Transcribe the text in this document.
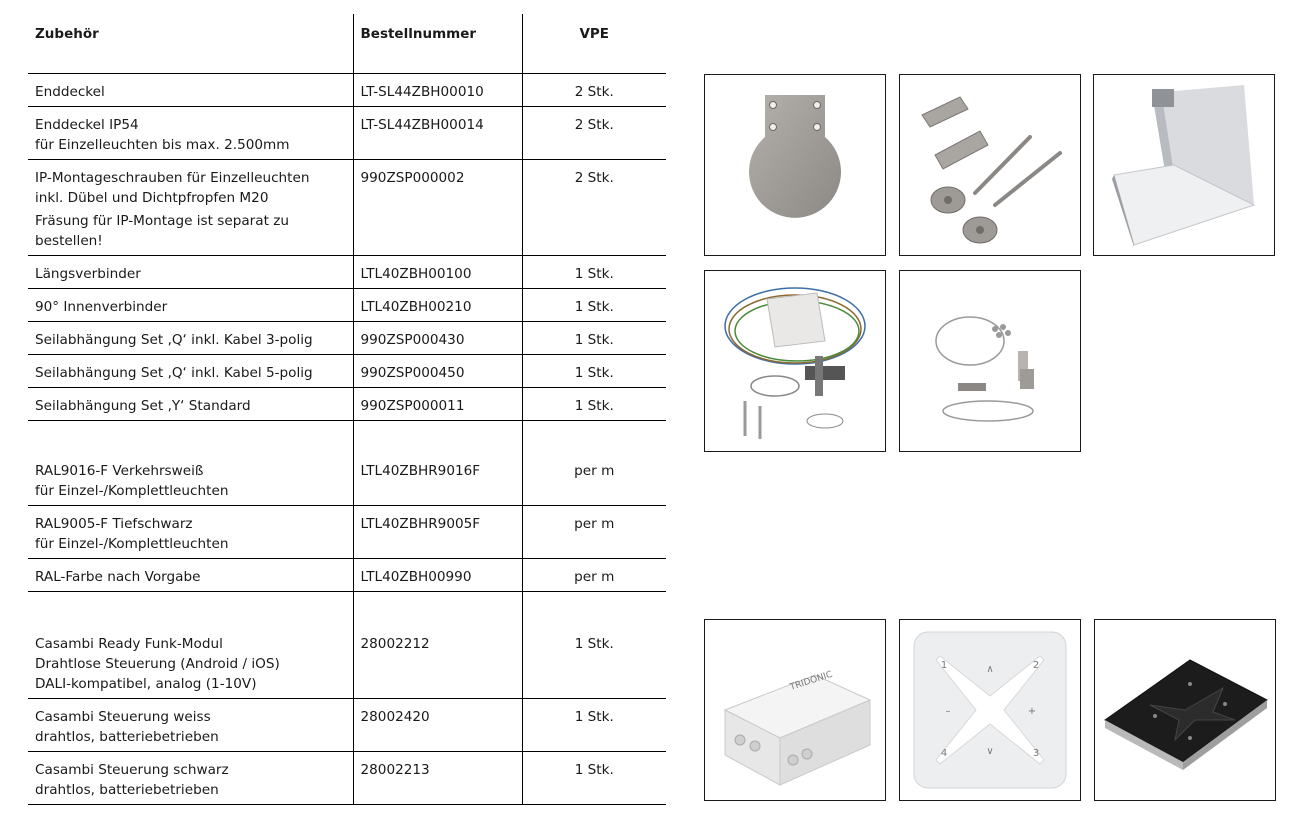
Zubehör	Bestellnummer	VPE

Enddeckel	LT-SL44ZBH00010	2 Stk.

Enddeckel IP54
für Einzelleuchten bis max. 2.500mm	LT-SL44ZBH00014	2 Stk.

IP-Montageschrauben für Einzelleuchten
inkl. Dübel und Dichtpfropfen M20
Fräsung für IP-Montage ist separat zu
bestellen!	990ZSP000002	2 Stk.

Längsverbinder	LTL40ZBH00100	1 Stk.

90° Innenverbinder	LTL40ZBH00210	1 Stk.

Seilabhängung Set ‚Q‘ inkl. Kabel 3-polig	990ZSP000430	1 Stk.

Seilabhängung Set ‚Q‘ inkl. Kabel 5-polig	990ZSP000450	1 Stk.

Seilabhängung Set ‚Y‘ Standard	990ZSP000011	1 Stk.

RAL9016-F Verkehrsweiß
für Einzel-/Komplettleuchten	LTL40ZBHR9016F	per m

RAL9005-F Tiefschwarz
für Einzel-/Komplettleuchten	LTL40ZBHR9005F	per m

RAL-Farbe nach Vorgabe	LTL40ZBH00990	per m

Casambi Ready Funk-Modul
Drahtlose Steuerung (Android / iOS)
DALI-kompatibel, analog (1-10V)	28002212	1 Stk.

Casambi Steuerung weiss
drahtlos, batteriebetrieben	28002420	1 Stk.

Casambi Steuerung schwarz
drahtlos, batteriebetrieben	28002213	1 Stk.
TRIDONIC
1	2
4	3
∧
∨
+
–
